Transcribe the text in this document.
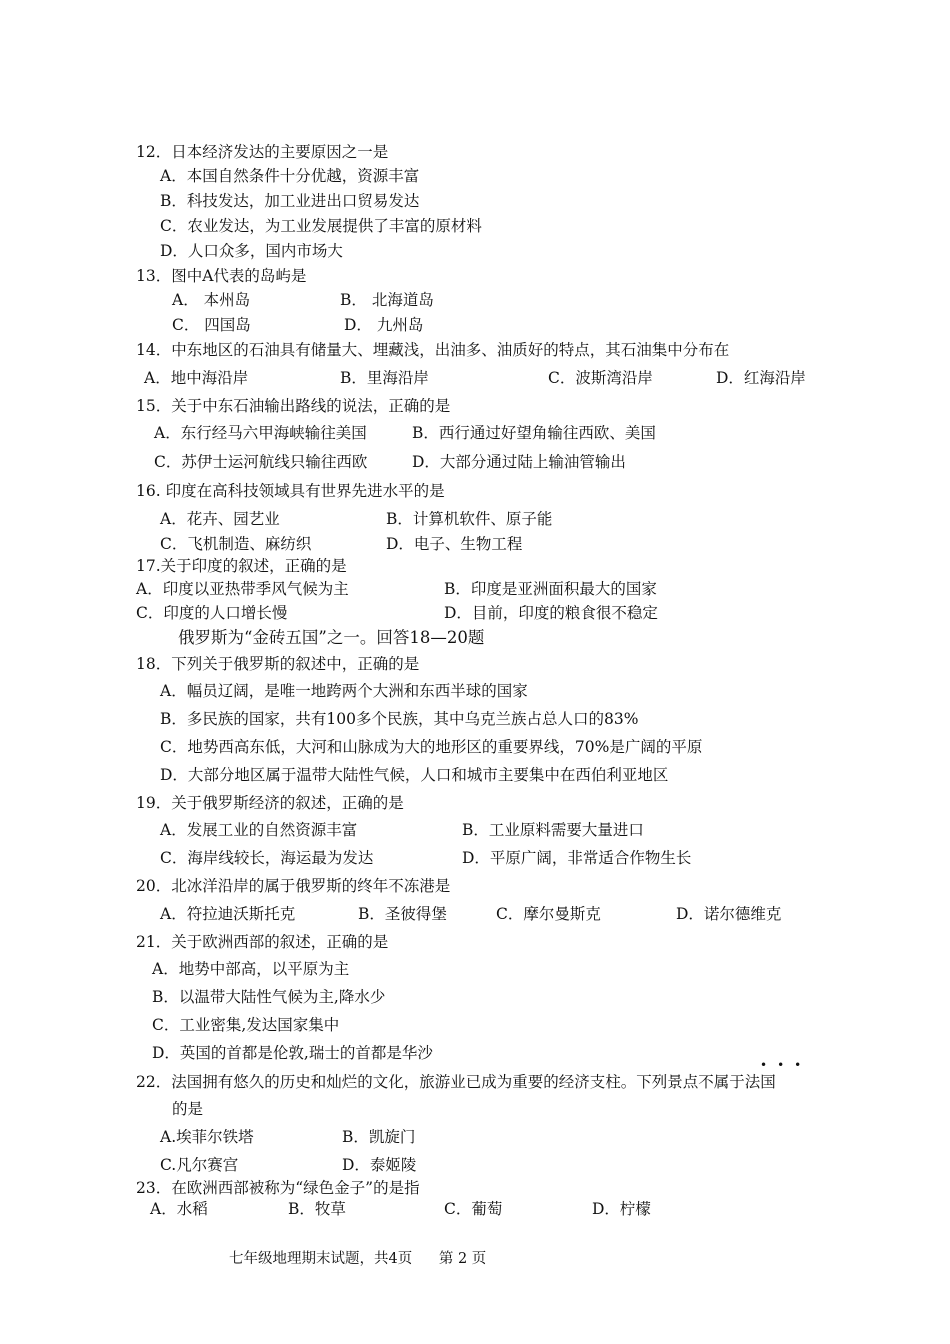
12．日本经济发达的主要原因之一是
A．本国自然条件十分优越，资源丰富
B．科技发达，加工业进出口贸易发达
C．农业发达，为工业发展提供了丰富的原材料
D．人口众多，国内市场大
13．图中A代表的岛屿是
A． 本州岛	B． 北海道岛
C． 四国岛	D． 九州岛
14．中东地区的石油具有储量大、埋藏浅，出油多、油质好的特点，其石油集中分布在
A．地中海沿岸	B．里海沿岸	C．波斯湾沿岸	D．红海沿岸
15．关于中东石油输出路线的说法，正确的是
A．东行经马六甲海峡输往美国	B．西行通过好望角输往西欧、美国
C．苏伊士运河航线只输往西欧	D．大部分通过陆上输油管输出
16. 印度在高科技领域具有世界先进水平的是
A．花卉、园艺业	B．计算机软件、原子能
C．飞机制造、麻纺织	D．电子、生物工程
17.关于印度的叙述，正确的是
A．印度以亚热带季风气候为主	B．印度是亚洲面积最大的国家
C．印度的人口增长慢	D．目前，印度的粮食很不稳定
俄罗斯为“金砖五国”之一。回答18—20题
18．下列关于俄罗斯的叙述中，正确的是
A．幅员辽阔，是唯一地跨两个大洲和东西半球的国家
B．多民族的国家，共有100多个民族，其中乌克兰族占总人口的83%
C．地势西高东低，大河和山脉成为大的地形区的重要界线，70%是广阔的平原
D．大部分地区属于温带大陆性气候，人口和城市主要集中在西伯利亚地区
19．关于俄罗斯经济的叙述，正确的是
A．发展工业的自然资源丰富	B．工业原料需要大量进口
C．海岸线较长，海运最为发达	D．平原广阔，非常适合作物生长
20．北冰洋沿岸的属于俄罗斯的终年不冻港是
A．符拉迪沃斯托克	B．圣彼得堡	C．摩尔曼斯克	D．诺尔德维克
21．关于欧洲西部的叙述，正确的是
A．地势中部高，以平原为主
B．以温带大陆性气候为主,降水少
C．工业密集,发达国家集中
D．英国的首都是伦敦,瑞士的首都是华沙
•••
22．法国拥有悠久的历史和灿烂的文化，旅游业已成为重要的经济支柱。下列景点不属于法国
的是
A.埃菲尔铁塔	B．凯旋门
C.凡尔赛宫	D．泰姬陵
23．在欧洲西部被称为“绿色金子”的是指
A．水稻	B．牧草	C．葡萄	D．柠檬
七年级地理期末试题，共4页 第 2 页
